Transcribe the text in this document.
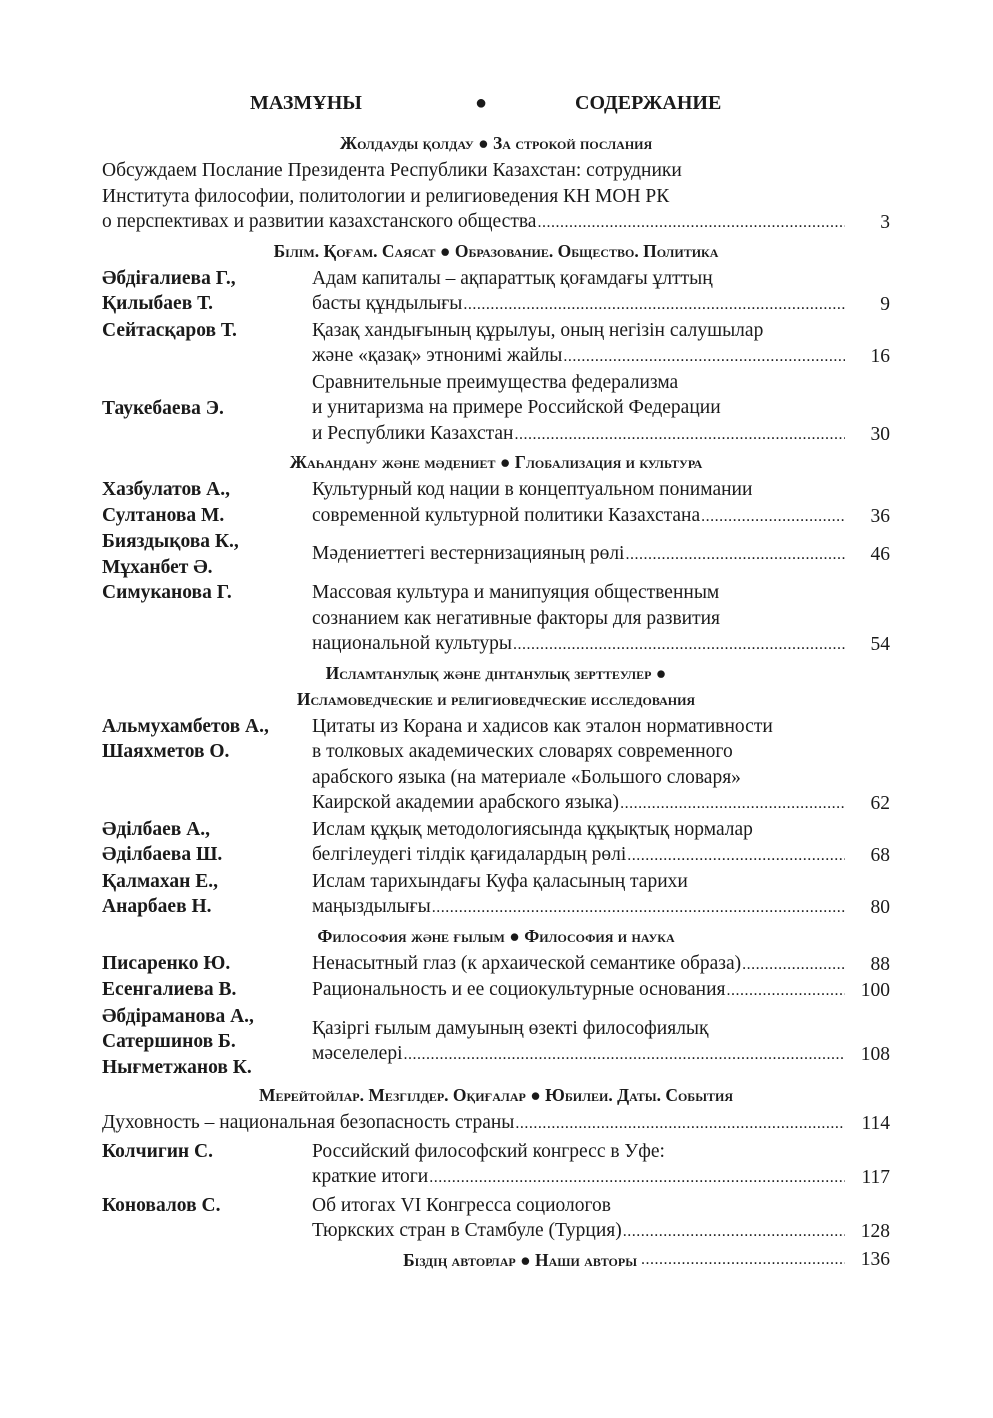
МАЗМҰНЫ	●	СОДЕРЖАНИЕ
Жолдауды қолдау ● За строкой послания
Обсуждаем Послание Президента Республики Казахстан: сотрудники
Института философии, политологии и религиоведения КН МОН РК
о перспективах и развитии казахстанского общества .....	3
Білім. Қоғам. Саясат ● Образование. Общество. Политика
Әбдіғалиева Г.,
Қилыбаев Т.
Адам капиталы – ақпараттық қоғамдағы ұлттың
басты құндылығы .....	9
Сейтасқаров Т.	Қазақ хандығының құрылуы, оның негізін салушылар
және «қазақ» этнонимі жайлы .....	16
Таукебаева Э.
Сравнительные преимущества федерализма
и унитаризма на примере Российской Федерации
и Республики Казахстан .....	30
Жаһандану және мәдениет ● Глобализация и культура
Хазбулатов А.,
Султанова М.
Культурный код нации в концептуальном понимании
современной культурной политики Казахстана .....	36
Бияздықова К.,
Мұханбет Ә.
Мәдениеттегі вестернизацияның рөлі .....	46
Симуканова Г.	Массовая культура и манипуяция общественным
сознанием как негативные факторы для развития
национальной культуры .....	54
Исламтанулық және дінтанулық зерттеулер ●
Исламоведческие и религиоведческие исследования
Альмухамбетов А.,
Шаяхметов О.
Цитаты из Корана и хадисов как эталон нормативности
в толковых академических словарях современного
арабского языка (на материале «Большого словаря»
Каирской академии арабского языка) .....	62
Әділбаев А.,
Әділбаева Ш.
Ислам құқық методологиясында құқықтық нормалар
белгілеудегі тілдік қағидалардың рөлі .....	68
Қалмахан Е.,
Анарбаев Н.
Ислам тарихындағы Куфа қаласының тарихи
маңыздылығы .....	80
Философия және ғылым ● Философия и наука
Писаренко Ю.	Ненасытный глаз (к архаической семантике образа) .....	88
Есенгалиева В.	Рациональность и ее социокультурные основания .....	100
Әбдіраманова А.,
Сатершинов Б.
Нығметжанов К.
Қазіргі ғылым дамуының өзекті философиялық
мәселелері .....	108
Мерейтойлар. Мезгілдер. Оқиғалар ● Юбилеи. Даты. События
Духовность – национальная безопасность страны .....	114
Колчигин С.	Российский философский конгресс в Уфе:
краткие итоги .....	117
Коновалов С.	Об итогах VI Конгресса социологов
Тюркских стран в Стамбуле (Турция) .....	128
Біздің авторлар ● Наши авторы .....	136
